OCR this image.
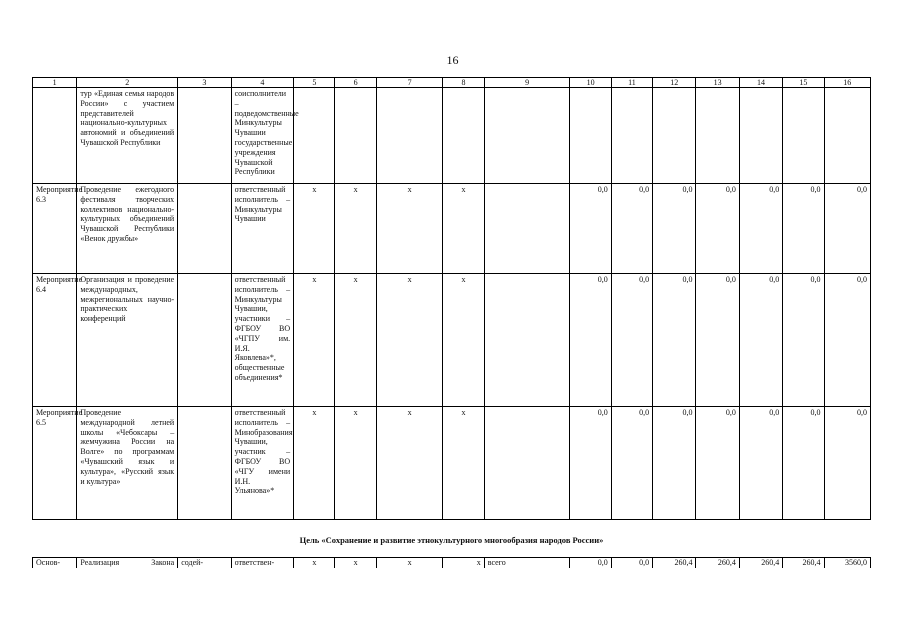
16
1	2	3	4	5	6	7	8	9	10	11	12	13	14	15	16
	тур «Единая семья народов России» с участием представителей национально-культурных автономий и объединений Чувашской Республики		соисполнители – подведомственные Минкультуры Чувашии государственные учреждения Чувашской Республики												
Мероприятие 6.3	Проведение ежегодного фестиваля творческих коллективов национально-культурных объединений Чувашской Республики «Венок дружбы»		ответственный исполнитель – Минкультуры Чувашии	x	x	x	x		0,0	0,0	0,0	0,0	0,0	0,0	0,0
Мероприятие 6.4	Организация и проведение международных, межрегиональных научно-практических конференций		ответственный исполнитель – Минкультуры Чувашии, участники – ФГБОУ ВО «ЧГПУ им. И.Я. Яковлева»*, общественные объединения*	x	x	x	x		0,0	0,0	0,0	0,0	0,0	0,0	0,0
Мероприятие 6.5	Проведение международной летней школы «Чебоксары – жемчужина России на Волге» по программам «Чувашский язык и культура», «Русский язык и культура»		ответственный исполнитель – Минобразования Чувашии, участник – ФГБОУ ВО «ЧГУ имени И.Н. Ульянова»*	x	x	x	x		0,0	0,0	0,0	0,0	0,0	0,0	0,0
Цель «Сохранение и развитие этнокультурного многообразия народов России»
Основ-	Реализация Закона	содей-	ответствен-	x	x	x	x	всего	0,0	0,0	260,4	260,4	260,4	260,4	3560,0
